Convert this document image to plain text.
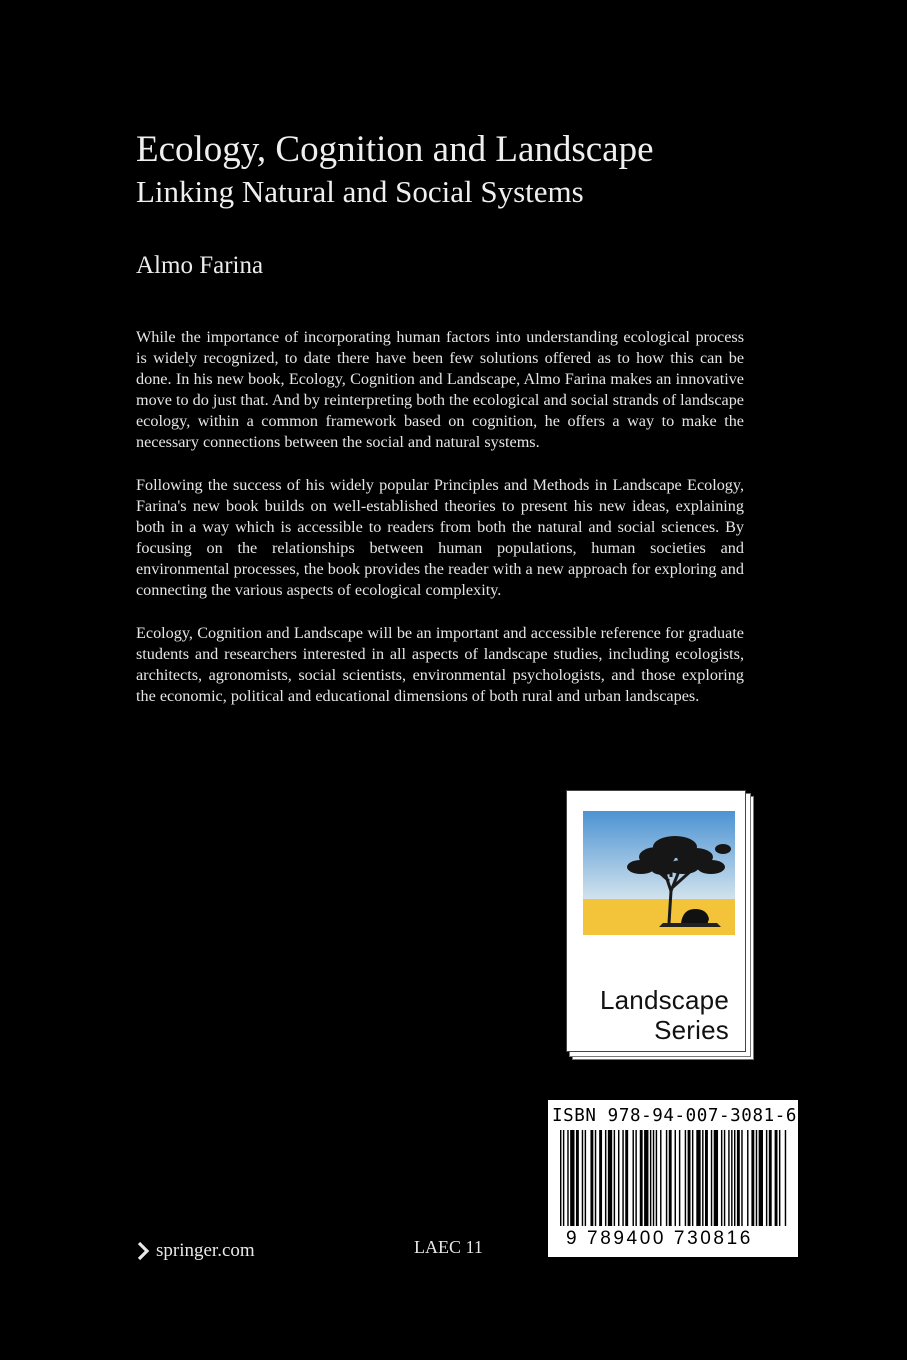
Ecology, Cognition and Landscape
Linking Natural and Social Systems
Almo Farina

While the importance of incorporating human factors into understanding ecological process is widely recognized, to date there have been few solutions offered as to how this can be done. In his new book, Ecology, Cognition and Landscape, Almo Farina makes an innovative move to do just that. And by reinterpreting both the ecological and social strands of landscape ecology, within a common framework based on cognition, he offers a way to make the necessary connections between the social and natural systems.

Following the success of his widely popular Principles and Methods in Landscape Ecology, Farina's new book builds on well-established theories to present his new ideas, explaining both in a way which is accessible to readers from both the natural and social sciences. By focusing on the relationships between human populations, human societies and environmental processes, the book provides the reader with a new approach for exploring and connecting the various aspects of ecological complexity.

Ecology, Cognition and Landscape will be an important and accessible reference for graduate students and researchers interested in all aspects of landscape studies, including ecologists, architects, agronomists, social scientists, environmental psychologists, and those exploring the economic, political and educational dimensions of both rural and urban landscapes.

Landscape
Series
ISBN 978-94-007-3081-6
9 789400 730816
springer.com	LAEC 11
